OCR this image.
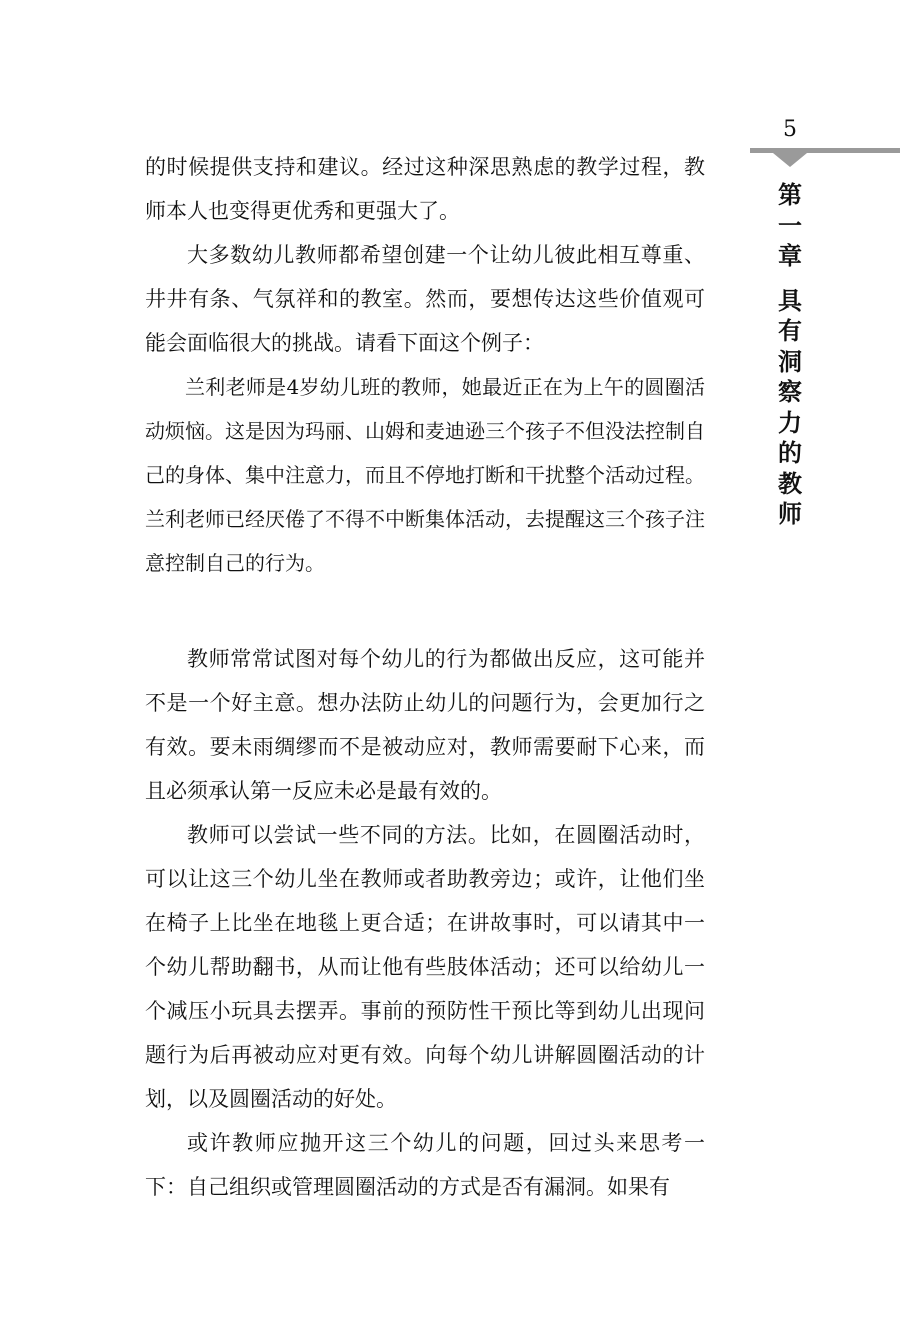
5
第
一
章
具
有
洞
察
力
的
教
师

的时候提供支持和建议。经过这种深思熟虑的教学过程，教师本人也变得更优秀和更强大了。

大多数幼儿教师都希望创建一个让幼儿彼此相互尊重、井井有条、气氛祥和的教室。然而，要想传达这些价值观可能会面临很大的挑战。请看下面这个例子：

兰利老师是4岁幼儿班的教师，她最近正在为上午的圆圈活动烦恼。这是因为玛丽、山姆和麦迪逊三个孩子不但没法控制自己的身体、集中注意力，而且不停地打断和干扰整个活动过程。兰利老师已经厌倦了不得不中断集体活动，去提醒这三个孩子注意控制自己的行为。

教师常常试图对每个幼儿的行为都做出反应，这可能并不是一个好主意。想办法防止幼儿的问题行为，会更加行之有效。要未雨绸缪而不是被动应对，教师需要耐下心来，而且必须承认第一反应未必是最有效的。

教师可以尝试一些不同的方法。比如，在圆圈活动时，可以让这三个幼儿坐在教师或者助教旁边；或许，让他们坐在椅子上比坐在地毯上更合适；在讲故事时，可以请其中一个幼儿帮助翻书，从而让他有些肢体活动；还可以给幼儿一个减压小玩具去摆弄。事前的预防性干预比等到幼儿出现问题行为后再被动应对更有效。向每个幼儿讲解圆圈活动的计划，以及圆圈活动的好处。

或许教师应抛开这三个幼儿的问题，回过头来思考一下：自己组织或管理圆圈活动的方式是否有漏洞。如果有
